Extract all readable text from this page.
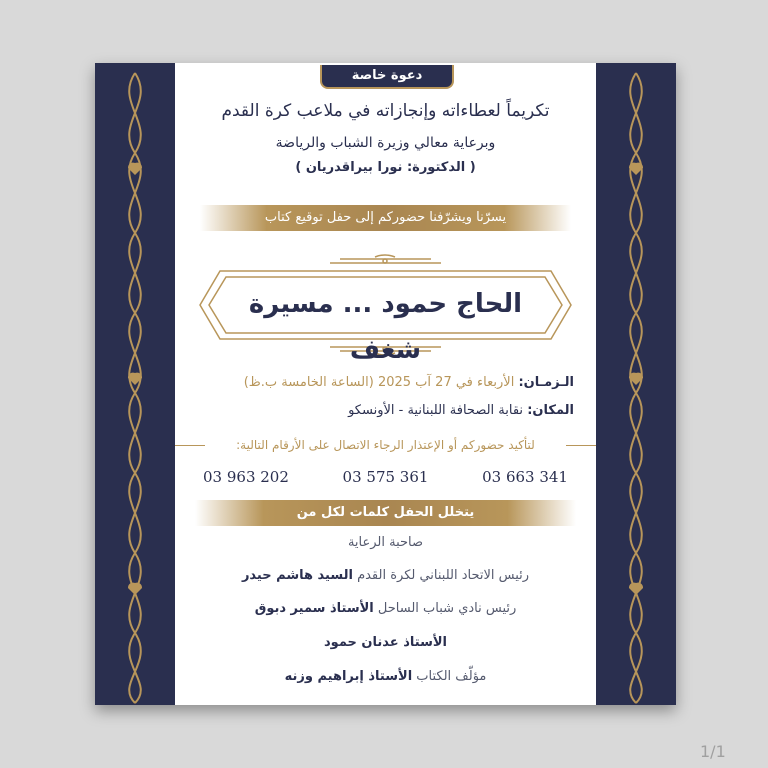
دعوة خاصة
تكريماً لعطاءاته وإنجازاته في ملاعب كرة القدم
وبرعاية معالي وزيرة الشباب والرياضة
( الدكتورة: نورا بيراقدريان )
يسرّنا ويشرّفنا حضوركم إلى حفل توقيع كتاب
الحاج حمود ... مسيرة شغف
الـزمـان: الأربعاء في 27 آب 2025 (الساعة الخامسة ب.ظ)
المكان: نقابة الصحافة اللبنانية - الأونسكو
لتأكيد حضوركم أو الإعتذار الرجاء الاتصال على الأرقام التالية:
03 963 202	03 575 361	03 663 341
يتخلل الحفل كلمات لكل من
صاحبة الرعاية
رئيس الاتحاد اللبناني لكرة القدم السيد هاشم حيدر
رئيس نادي شباب الساحل الأستاذ سمير دبوق
الأستاذ عدنان حمود
مؤلّف الكتاب الأستاذ إبراهيم وزنه
1/1
